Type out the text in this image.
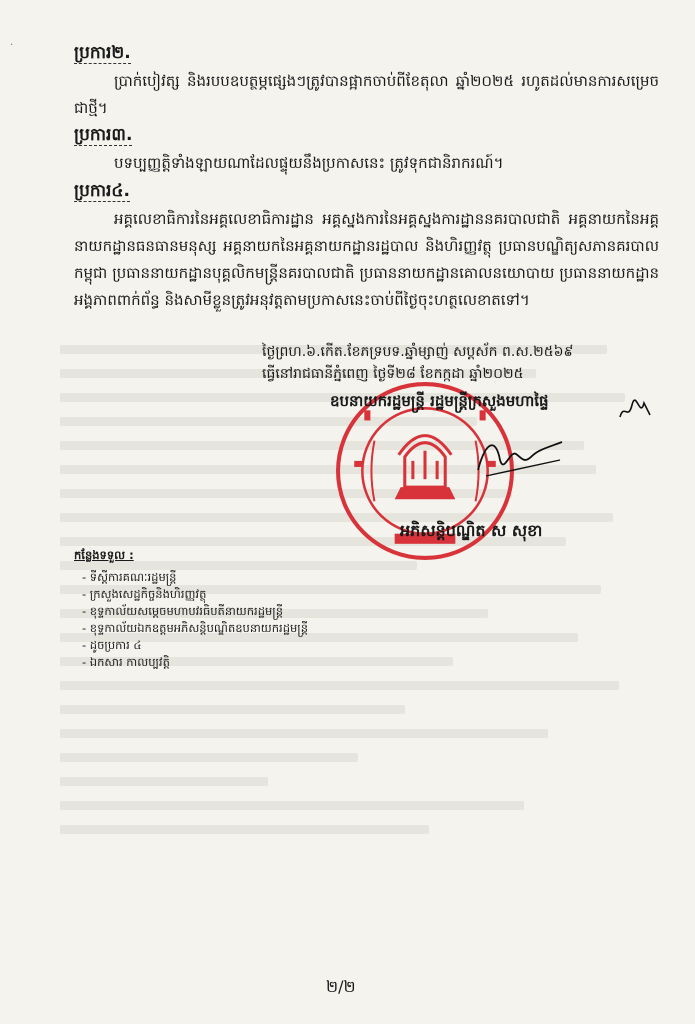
·	ប្រការ២.
ប្រាក់បៀវត្ស និងរបបឧបត្ថម្ភផ្សេងៗត្រូវបានផ្អាកចាប់ពីខែតុលា ឆ្នាំ២០២៥ រហូតដល់មានការសម្រេចជាថ្មី។
ប្រការ៣.
បទប្បញ្ញត្តិទាំងឡាយណាដែលផ្ទុយនឹងប្រកាសនេះ ត្រូវទុកជានិរាករណ៍។
ប្រការ៤.
អគ្គលេខាធិការនៃអគ្គលេខាធិការដ្ឋាន អគ្គស្នងការនៃអគ្គស្នងការដ្ឋាននគរបាលជាតិ អគ្គនាយកនៃអគ្គនាយកដ្ឋានធនធានមនុស្ស អគ្គនាយកនៃអគ្គនាយកដ្ឋានរដ្ឋបាល និងហិរញ្ញវត្ថុ ប្រធានបណ្ឌិត្យសភានគរបាលកម្ពុជា ប្រធាននាយកដ្ឋានបុគ្គលិកមន្ត្រីនគរបាលជាតិ ប្រធាននាយកដ្ឋានគោលនយោបាយ ប្រធាននាយកដ្ឋាន អង្គភាពពាក់ព័ន្ធ និងសាមីខ្លួនត្រូវអនុវត្តតាមប្រកាសនេះចាប់ពីថ្ងៃចុះហត្ថលេខាតទៅ។
ថ្ងៃ​ព្រហ.៦.កើត.ខែ​ភទ្របទ.ឆ្នាំ​ម្សាញ់ សប្តស័ក ព.ស.២៥៦៩
ធ្វើនៅរាជធានីភ្នំពេញ ថ្ងៃទី២៨ ខែកក្កដា ឆ្នាំ២០២៥
ឧបនាយករដ្ឋមន្ត្រី រដ្ឋមន្ត្រីក្រសួងមហាផ្ទៃ
អភិសន្តិបណ្ឌិត ស សុខា
កន្លែងទទួល :
- ទីស្តីការគណៈរដ្ឋមន្ត្រី
- ក្រសួងសេដ្ឋកិច្ចនិងហិរញ្ញវត្ថុ
- ខុទ្ទកាល័យសម្តេចមហាបវរធិបតីនាយករដ្ឋមន្ត្រី
- ខុទ្ទកាល័យឯកឧត្តមអភិសន្តិបណ្ឌិតឧបនាយករដ្ឋមន្ត្រី
- ដូចប្រការ ៤
- ឯកសារ កាលប្បវត្តិ
២/២
